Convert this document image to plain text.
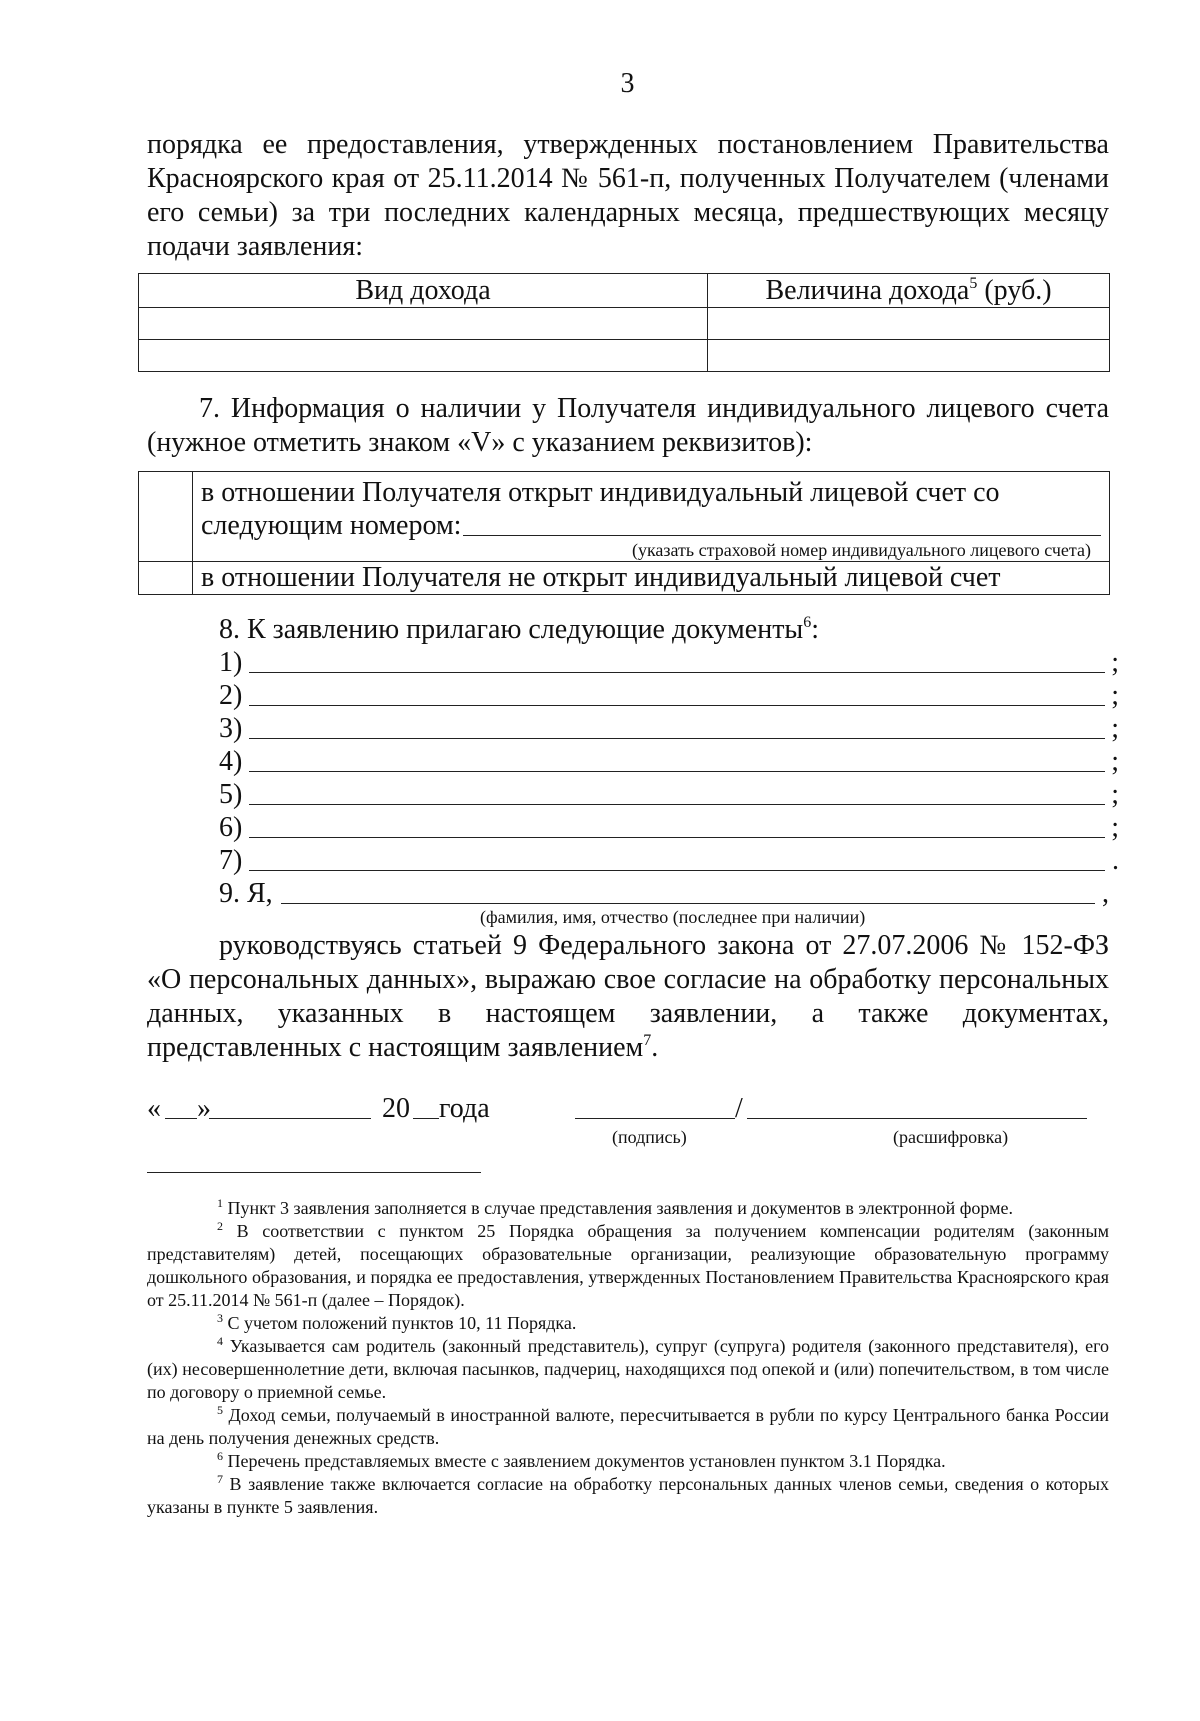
3
порядка ее предоставления, утвержденных постановлением Правительства
Красноярского края от 25.11.2014 № 561-п, полученных Получателем (членами
его семьи) за три последних календарных месяца, предшествующих месяцу
подачи заявления:
Вид дохода	Величина дохода$^5$ (руб.)

7. Информация о наличии у Получателя индивидуального лицевого счета
(нужное отметить знаком «V» с указанием реквизитов):

	в отношении Получателя открыт индивидуальный лицевой счет со
следующим номером:
(указать страховой номер индивидуального лицевого счета)

	в отношении Получателя не открыт индивидуальный лицевой счет
8. К заявлению прилагаю следующие документы$^6$:
1)	;
2)	;
3)	;
4)	;
5)	;
6)	;
7)	.
9. Я,	,
(фамилия, имя, отчество (последнее при наличии)
руководствуясь статьей 9 Федерального закона от 27.07.2006 № 152-ФЗ
«О персональных данных», выражаю свое согласие на обработку персональных
данных, указанных в настоящем заявлении, а также документах,
представленных с настоящим заявлением$^7$.
« »	20 года	/
(подпись)	(расшифровка)
$^1$ Пункт 3 заявления заполняется в случае представления заявления и документов в электронной форме.
$^2$ В соответствии с пунктом 25 Порядка обращения за получением компенсации родителям (законным представителям) детей, посещающих образовательные организации, реализующие образовательную программу дошкольного образования, и порядка ее предоставления, утвержденных Постановлением Правительства Красноярского края от 25.11.2014 № 561-п (далее – Порядок).
$^3$ С учетом положений пунктов 10, 11 Порядка.
$^4$ Указывается сам родитель (законный представитель), супруг (супруга) родителя (законного представителя), его (их) несовершеннолетние дети, включая пасынков, падчериц, находящихся под опекой и (или) попечительством, в том числе по договору о приемной семье.
$^5$ Доход семьи, получаемый в иностранной валюте, пересчитывается в рубли по курсу Центрального банка России на день получения денежных средств.
$^6$ Перечень представляемых вместе с заявлением документов установлен пунктом 3.1 Порядка.
$^7$ В заявление также включается согласие на обработку персональных данных членов семьи, сведения о которых указаны в пункте 5 заявления.
